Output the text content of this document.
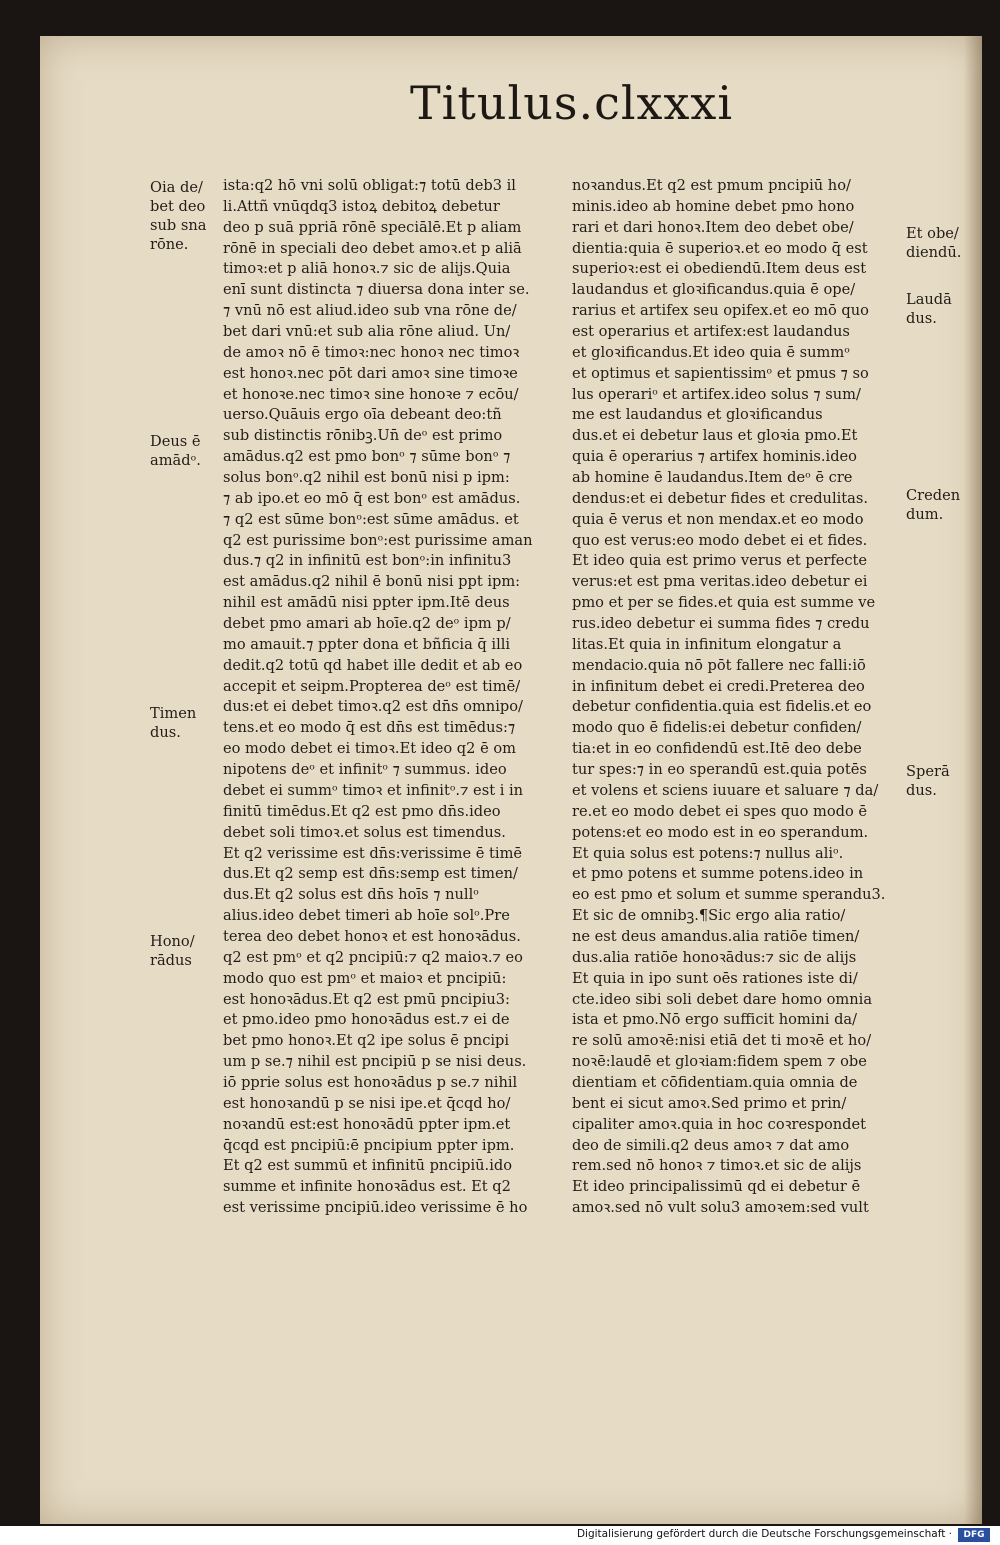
Titulus.clxxxi
ista:q2 hō vni solū obligat:⁊ totū deb3 il
li.Attñ vnūqdq3 istoꝝ debitoꝝ debetur
deo p suā ppriā rōnē speciālē.Et p aliam
rōnē in speciali deo debet amoꝛ.et p aliā
timoꝛ:et p aliā honoꝛ.⁊ sic de alijs.Quia
enī sunt distincta ⁊ diuersa dona inter se.
⁊ vnū nō est aliud.ideo sub vna rōne de/
bet dari vnū:et sub alia rōne aliud. Un/
de amoꝛ nō ē timoꝛ:nec honoꝛ nec timoꝛ
est honoꝛ.nec pōt dari amoꝛ sine timoꝛe
et honoꝛe.nec timoꝛ sine honoꝛe ⁊ ecōu/
uerso.Quāuis ergo oīa debeant deo:tñ
sub distinctis rōnibꝫ.Un̄ deᵒ est primo
amādus.q2 est pmo bonᵒ ⁊ sūme bonᵒ ⁊
solus bonᵒ.q2 nihil est bonū nisi p ipm:
⁊ ab ipo.et eo mō q̄ est bonᵒ est amādus.
⁊ q2 est sūme bonᵒ:est sūme amādus. et
q2 est purissime bonᵒ:est purissime aman
dus.⁊ q2 in infinitū est bonᵒ:in infinitu3
est amādus.q2 nihil ē bonū nisi ppt ipm:
nihil est amādū nisi ppter ipm.Itē deus
debet pmo amari ab hoīe.q2 deᵒ ipm p/
mo amauit.⁊ ppter dona et bñficia q̄ illi
dedit.q2 totū qd habet ille dedit et ab eo
accepit et seipm.Propterea deᵒ est timē/
dus:et ei debet timoꝛ.q2 est dn̄s omnipo/
tens.et eo modo q̄ est dn̄s est timēdus:⁊
eo modo debet ei timoꝛ.Et ideo q2 ē om
nipotens deᵒ et infinitᵒ ⁊ summus. ideo
debet ei summᵒ timoꝛ et infinitᵒ.⁊ est i in
finitū timēdus.Et q2 est pmo dn̄s.ideo
debet soli timoꝛ.et solus est timendus.
Et q2 verissime est dn̄s:verissime ē timē
dus.Et q2 semp est dn̄s:semp est timen/
dus.Et q2 solus est dn̄s hoīs ⁊ nullᵒ
alius.ideo debet timeri ab hoīe solᵒ.Pre
terea deo debet honoꝛ et est honoꝛādus.
q2 est pmᵒ et q2 pncipiū:⁊ q2 maioꝛ.⁊ eo
modo quo est pmᵒ et maioꝛ et pncipiū:
est honoꝛādus.Et q2 est pmū pncipiu3:
et pmo.ideo pmo honoꝛādus est.⁊ ei de
bet pmo honoꝛ.Et q2 ipe solus ē pncipi
um p se.⁊ nihil est pncipiū p se nisi deus.
iō pprie solus est honoꝛādus p se.⁊ nihil
est honoꝛandū p se nisi ipe.et q̄cqd ho/
noꝛandū est:est honoꝛādū ppter ipm.et
q̄cqd est pncipiū:ē pncipium ppter ipm.
Et q2 est summū et infinitū pncipiū.ido
summe et infinite honoꝛādus est. Et q2
est verissime pncipiū.ideo verissime ē ho
noꝛandus.Et q2 est pmum pncipiū ho/
minis.ideo ab homine debet pmo hono
rari et dari honoꝛ.Item deo debet obe/
dientia:quia ē superioꝛ.et eo modo q̄ est
superioꝛ:est ei obediendū.Item deus est
laudandus et gloꝛificandus.quia ē ope/
rarius et artifex seu opifex.et eo mō quo
est operarius et artifex:est laudandus
et gloꝛificandus.Et ideo quia ē summᵒ
et optimus et sapientissimᵒ et pmus ⁊ so
lus operariᵒ et artifex.ideo solus ⁊ sum/
me est laudandus et gloꝛificandus
dus.et ei debetur laus et gloꝛia pmo.Et
quia ē operarius ⁊ artifex hominis.ideo
ab homine ē laudandus.Item deᵒ ē cre
dendus:et ei debetur fides et credulitas.
quia ē verus et non mendax.et eo modo
quo est verus:eo modo debet ei et fides.
Et ideo quia est primo verus et perfecte
verus:et est pma veritas.ideo debetur ei
pmo et per se fides.et quia est summe ve
rus.ideo debetur ei summa fides ⁊ credu
litas.Et quia in infinitum elongatur a
mendacio.quia nō pōt fallere nec falli:iō
in infinitum debet ei credi.Preterea deo
debetur confidentia.quia est fidelis.et eo
modo quo ē fidelis:ei debetur confiden/
tia:et in eo confidendū est.Itē deo debe
tur spes:⁊ in eo sperandū est.quia potēs
et volens et sciens iuuare et saluare ⁊ da/
re.et eo modo debet ei spes quo modo ē
potens:et eo modo est in eo sperandum.
Et quia solus est potens:⁊ nullus aliᵒ.
et pmo potens et summe potens.ideo in
eo est pmo et solum et summe sperandu3.
Et sic de omnibꝫ.¶Sic ergo alia ratio/
ne est deus amandus.alia ratiōe timen/
dus.alia ratiōe honoꝛādus:⁊ sic de alijs
Et quia in ipo sunt oēs rationes iste di/
cte.ideo sibi soli debet dare homo omnia
ista et pmo.Nō ergo sufficit homini da/
re solū amoꝛē:nisi etiā det ti moꝛē et ho/
noꝛē:laudē et gloꝛiam:fidem spem ⁊ obe
dientiam et cōfidentiam.quia omnia de
bent ei sicut amoꝛ.Sed primo et prin/
cipaliter amoꝛ.quia in hoc coꝛrespondet
deo de simili.q2 deus amoꝛ ⁊ dat amo
rem.sed nō honoꝛ ⁊ timoꝛ.et sic de alijs
Et ideo principalissimū qd ei debetur ē
amoꝛ.sed nō vult solu3 amoꝛem:sed vult
Oia de/
bet deo
sub sna
rōne.
Deus ē
amādᵒ.
Timen
dus.
Hono/
rādus
Et obe/
diendū.
Laudā
dus.
Creden
dum.
Sperā
dus.
Digitalisierung gefördert durch die Deutsche Forschungsgemeinschaft ·	DFG
